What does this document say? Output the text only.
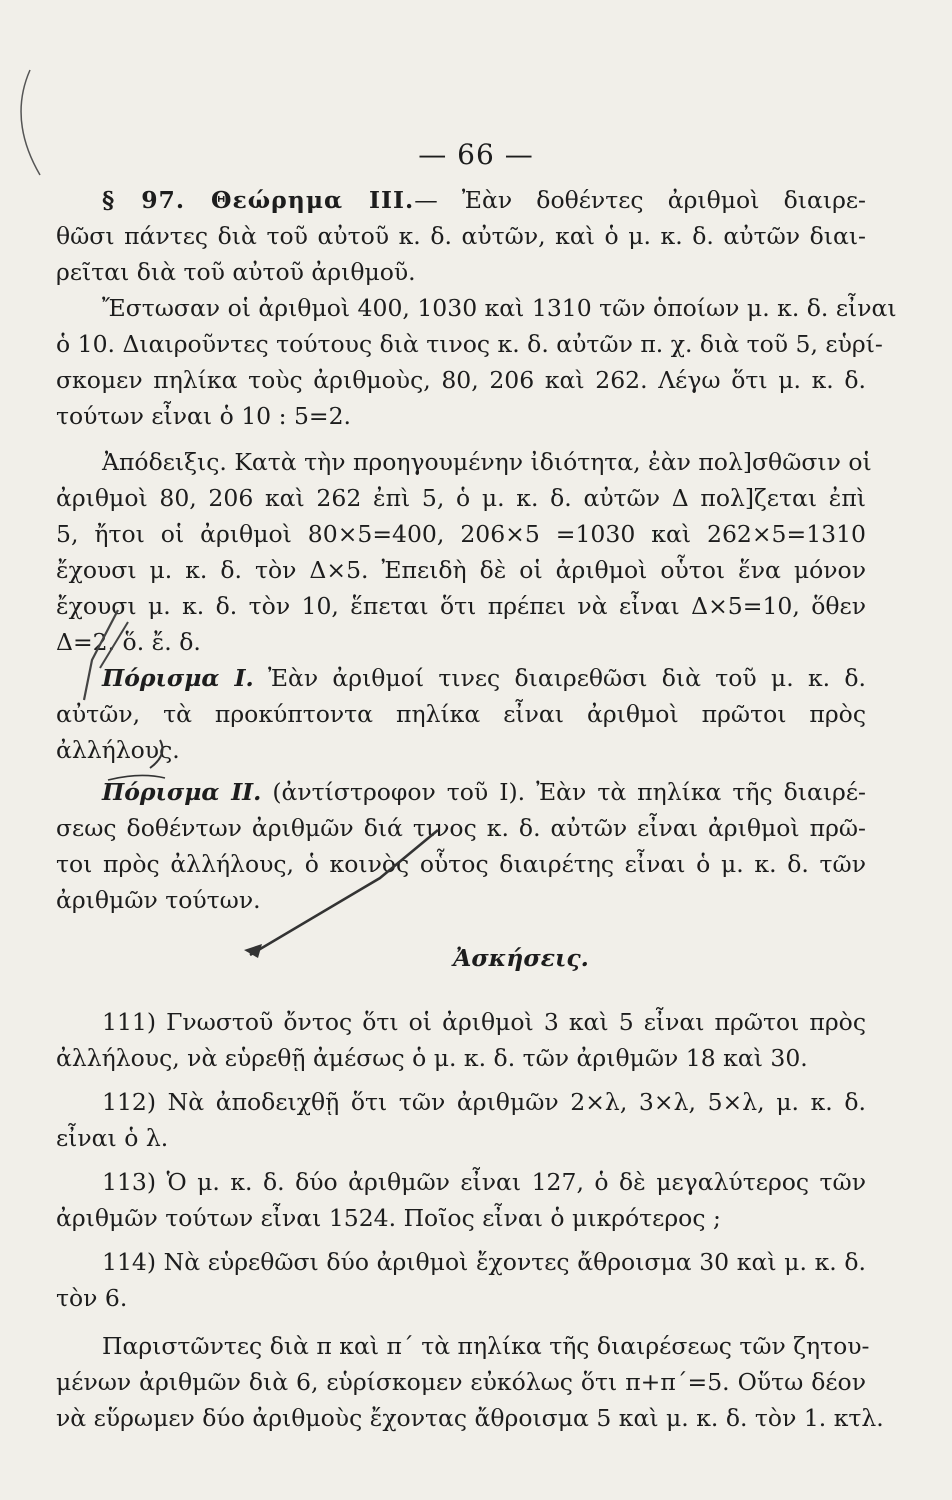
— 66 —
§ 97. Θεώρημα III.— Ἐὰν δοθέντες ἀριθμοὶ διαιρε-
θῶσι πάντες διὰ τοῦ αὐτοῦ κ. δ. αὐτῶν, καὶ ὁ μ. κ. δ. αὐτῶν διαι-
ρεῖται διὰ τοῦ αὐτοῦ ἀριθμοῦ.
Ἔστωσαν οἱ ἀριθμοὶ 400, 1030 καὶ 1310 τῶν ὁποίων μ. κ. δ. εἶναι
ὁ 10. Διαιροῦντες τούτους διὰ τινος κ. δ. αὐτῶν π. χ. διὰ τοῦ 5, εὑρί-
σκομεν πηλίκα τοὺς ἀριθμοὺς, 80, 206 καὶ 262. Λέγω ὅτι μ. κ. δ.
τούτων εἶναι ὁ 10 : 5=2.
Ἀπόδειξις. Κατὰ τὴν προηγουμένην ἰδιότητα, ἐὰν πολ]σθῶσιν οἱ
ἀριθμοὶ 80, 206 καὶ 262 ἐπὶ 5, ὁ μ. κ. δ. αὐτῶν Δ πολ]ζεται ἐπὶ
5, ἤτοι οἱ ἀριθμοὶ 80×5=400, 206×5 =1030 καὶ 262×5=1310
ἔχουσι μ. κ. δ. τὸν Δ×5. Ἐπειδὴ δὲ οἱ ἀριθμοὶ οὗτοι ἕνα μόνον
ἔχουσι μ. κ. δ. τὸν 10, ἕπεται ὅτι πρέπει νὰ εἶναι Δ×5=10, ὅθεν
Δ=2. ὅ. ἔ. δ.
Πόρισμα Ι. Ἐὰν ἀριθμοί τινες διαιρεθῶσι διὰ τοῦ μ. κ. δ.
αὐτῶν, τὰ προκύπτοντα πηλίκα εἶναι ἀριθμοὶ πρῶτοι πρὸς
ἀλλήλους.
Πόρισμα ΙΙ. (ἀντίστροφον τοῦ Ι). Ἐὰν τὰ πηλίκα τῆς διαιρέ-
σεως δοθέντων ἀριθμῶν διά τινος κ. δ. αὐτῶν εἶναι ἀριθμοὶ πρῶ-
τοι πρὸς ἀλλήλους, ὁ κοινὸς οὗτος διαιρέτης εἶναι ὁ μ. κ. δ. τῶν
ἀριθμῶν τούτων.
Ἀσκήσεις.
111) Γνωστοῦ ὄντος ὅτι οἱ ἀριθμοὶ 3 καὶ 5 εἶναι πρῶτοι πρὸς
ἀλλήλους, νὰ εὑρεθῇ ἀμέσως ὁ μ. κ. δ. τῶν ἀριθμῶν 18 καὶ 30.
112) Νὰ ἀποδειχθῇ ὅτι τῶν ἀριθμῶν 2×λ, 3×λ, 5×λ, μ. κ. δ.
εἶναι ὁ λ.
113) Ὁ μ. κ. δ. δύο ἀριθμῶν εἶναι 127, ὁ δὲ μεγαλύτερος τῶν
ἀριθμῶν τούτων εἶναι 1524. Ποῖος εἶναι ὁ μικρότερος ;
114) Νὰ εὑρεθῶσι δύο ἀριθμοὶ ἔχοντες ἄθροισμα 30 καὶ μ. κ. δ.
τὸν 6.
Παριστῶντες διὰ π καὶ π΄ τὰ πηλίκα τῆς διαιρέσεως τῶν ζητου-
μένων ἀριθμῶν διὰ 6, εὑρίσκομεν εὐκόλως ὅτι π+π΄=5. Οὕτω δέον
νὰ εὕρωμεν δύο ἀριθμοὺς ἔχοντας ἄθροισμα 5 καὶ μ. κ. δ. τὸν 1. κτλ.
